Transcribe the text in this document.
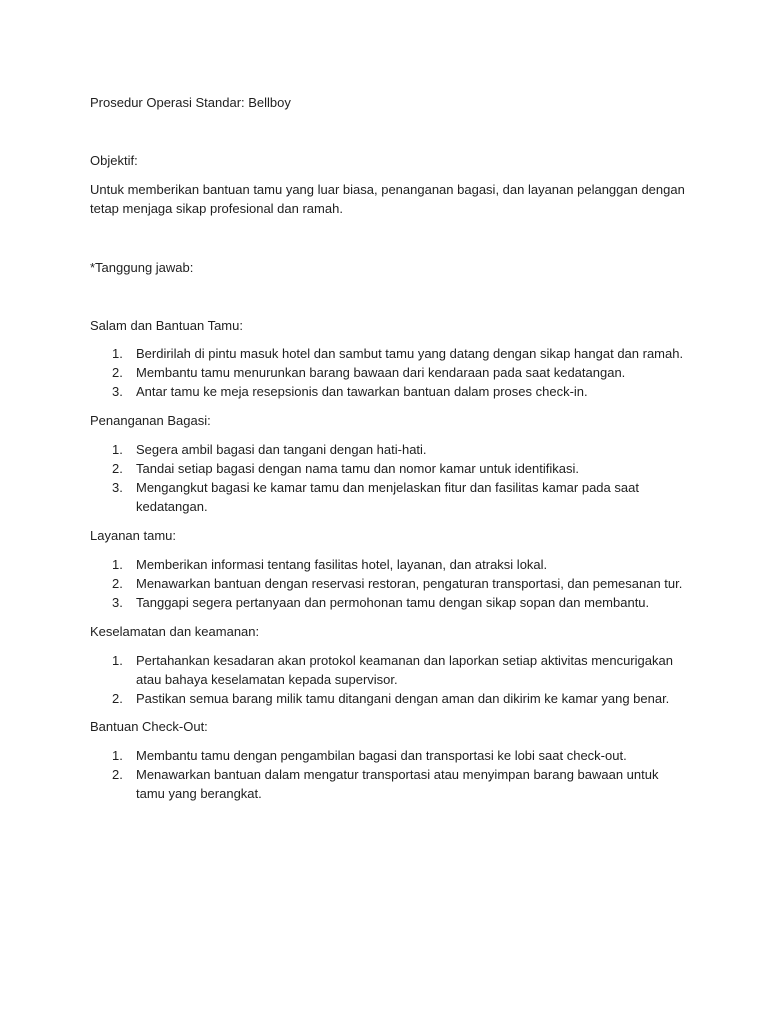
Prosedur Operasi Standar: Bellboy

Objektif:

Untuk memberikan bantuan tamu yang luar biasa, penanganan bagasi, dan layanan pelanggan dengan
tetap menjaga sikap profesional dan ramah.

*Tanggung jawab:

Salam dan Bantuan Tamu:

1. Berdirilah di pintu masuk hotel dan sambut tamu yang datang dengan sikap hangat dan ramah.
2. Membantu tamu menurunkan barang bawaan dari kendaraan pada saat kedatangan.
3. Antar tamu ke meja resepsionis dan tawarkan bantuan dalam proses check-in.

Penanganan Bagasi:

1. Segera ambil bagasi dan tangani dengan hati-hati.
2. Tandai setiap bagasi dengan nama tamu dan nomor kamar untuk identifikasi.
3. Mengangkut bagasi ke kamar tamu dan menjelaskan fitur dan fasilitas kamar pada saat
kedatangan.

Layanan tamu:

1. Memberikan informasi tentang fasilitas hotel, layanan, dan atraksi lokal.
2. Menawarkan bantuan dengan reservasi restoran, pengaturan transportasi, dan pemesanan tur.
3. Tanggapi segera pertanyaan dan permohonan tamu dengan sikap sopan dan membantu.

Keselamatan dan keamanan:

1. Pertahankan kesadaran akan protokol keamanan dan laporkan setiap aktivitas mencurigakan
atau bahaya keselamatan kepada supervisor.
2. Pastikan semua barang milik tamu ditangani dengan aman dan dikirim ke kamar yang benar.

Bantuan Check-Out:

1. Membantu tamu dengan pengambilan bagasi dan transportasi ke lobi saat check-out.
2. Menawarkan bantuan dalam mengatur transportasi atau menyimpan barang bawaan untuk
tamu yang berangkat.
